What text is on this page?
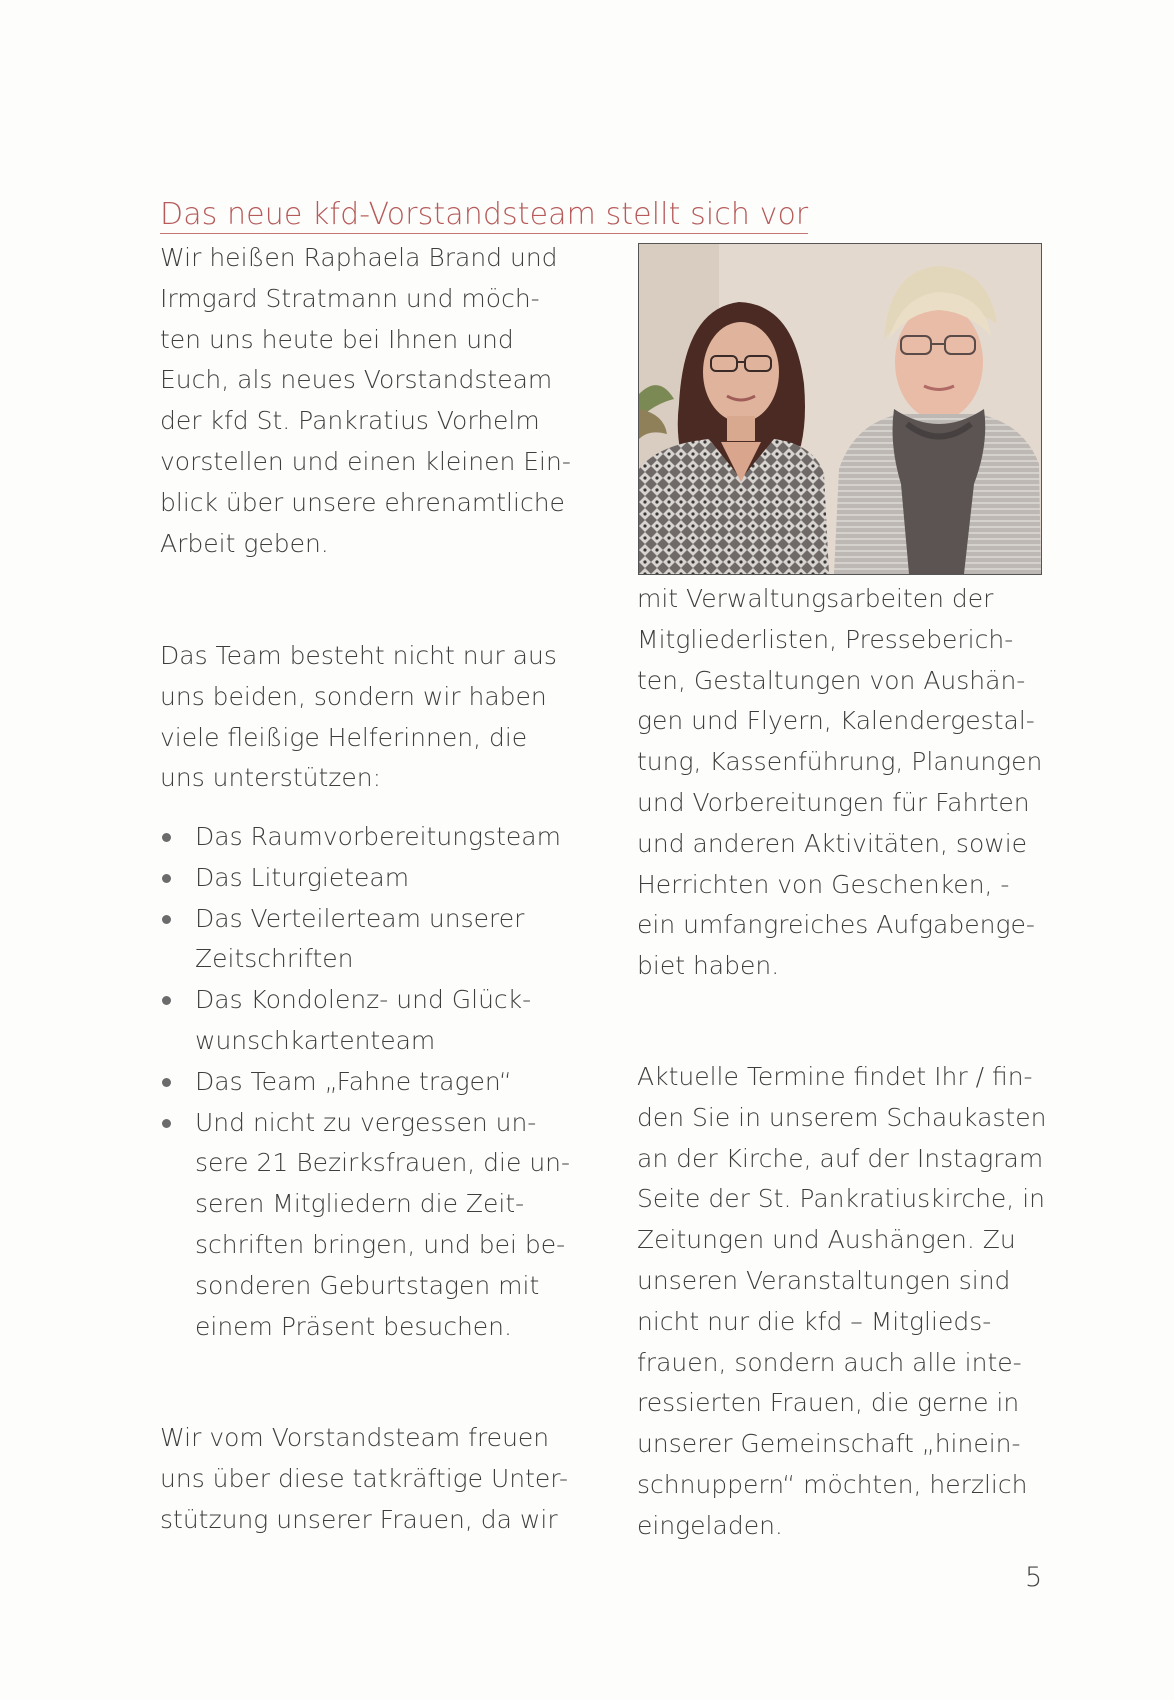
Das neue kfd-Vorstandsteam stellt sich vor

Wir heißen Raphaela Brand und

Irmgard Stratmann und möch-

ten uns heute bei Ihnen und

Euch, als neues Vorstandsteam

der kfd St. Pankratius Vorhelm

vorstellen und einen kleinen Ein-

blick über unsere ehrenamtliche

Arbeit geben.

Das Team besteht nicht nur aus

uns beiden, sondern wir haben

viele fleißige Helferinnen, die

uns unterstützen:

Das Raumvorbereitungsteam
Das Liturgieteam
Das Verteilerteam unserer
Zeitschriften
Das Kondolenz- und Glück-
wunschkartenteam
Das Team „Fahne tragen“
Und nicht zu vergessen un-
sere 21 Bezirksfrauen, die un-
seren Mitgliedern die Zeit-
schriften bringen, und bei be-
sonderen Geburtstagen mit
einem Präsent besuchen.

Wir vom Vorstandsteam freuen

uns über diese tatkräftige Unter-

stützung unserer Frauen, da wir

mit Verwaltungsarbeiten der

Mitgliederlisten, Presseberich-

ten, Gestaltungen von Aushän-

gen und Flyern, Kalendergestal-

tung, Kassenführung, Planungen

und Vorbereitungen für Fahrten

und anderen Aktivitäten, sowie

Herrichten von Geschenken, -

ein umfangreiches Aufgabenge-

biet haben.

Aktuelle Termine findet Ihr / fin-

den Sie in unserem Schaukasten

an der Kirche, auf der Instagram

Seite der St. Pankratiuskirche, in

Zeitungen und Aushängen. Zu

unseren Veranstaltungen sind

nicht nur die kfd – Mitglieds-

frauen, sondern auch alle inte-

ressierten Frauen, die gerne in

unserer Gemeinschaft „hinein-

schnuppern“ möchten, herzlich

eingeladen.

5
